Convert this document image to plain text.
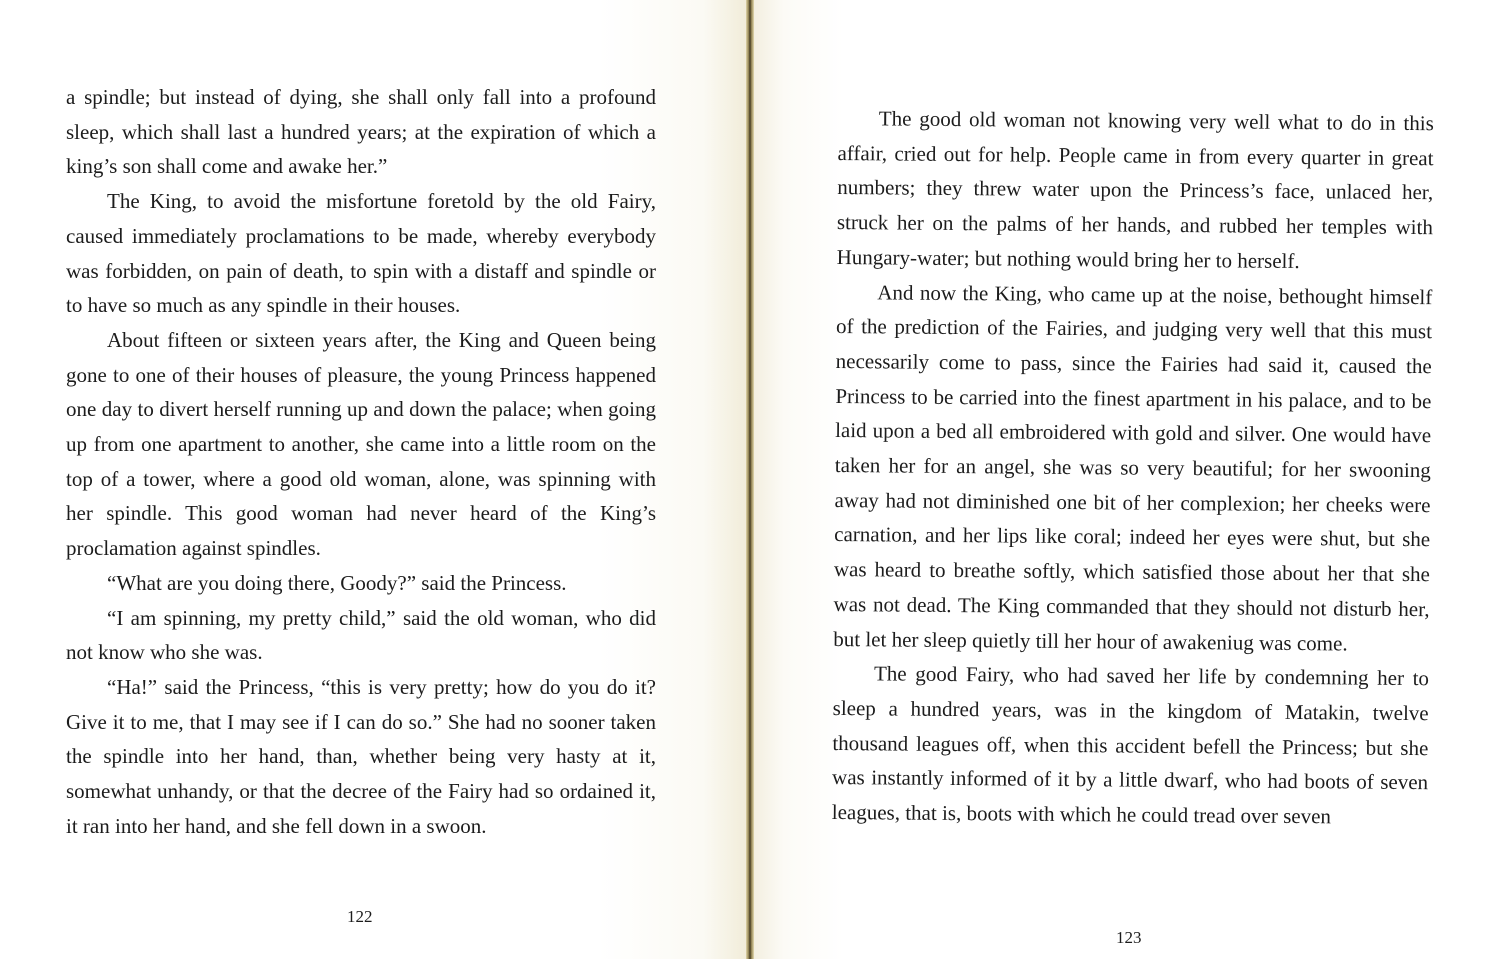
a spindle; but instead of dying, she shall only fall into a profound sleep, which shall last a hundred years; at the expiration of which a king’s son shall come and awake her.”

The King, to avoid the misfortune foretold by the old Fairy, caused immediately proclamations to be made, whereby everybody was forbidden, on pain of death, to spin with a distaff and spindle or to have so much as any spindle in their houses.

About fifteen or sixteen years after, the King and Queen being gone to one of their houses of pleasure, the young Princess happened one day to divert herself running up and down the palace; when going up from one apartment to another, she came into a little room on the top of a tower, where a good old woman, alone, was spinning with her spindle. This good woman had never heard of the King’s proclamation against spindles.

“What are you doing there, Goody?” said the Princess.

“I am spinning, my pretty child,” said the old woman, who did not know who she was.

“Ha!” said the Princess, “this is very pretty; how do you do it? Give it to me, that I may see if I can do so.” She had no sooner taken the spindle into her hand, than, whether being very hasty at it, somewhat unhandy, or that the decree of the Fairy had so ordained it, it ran into her hand, and she fell down in a swoon.

122

The good old woman not knowing very well what to do in this affair, cried out for help. People came in from every quarter in great numbers; they threw water upon the Princess’s face, unlaced her, struck her on the palms of her hands, and rubbed her temples with Hungary-water; but nothing would bring her to herself.

And now the King, who came up at the noise, bethought himself of the prediction of the Fairies, and judging very well that this must necessarily come to pass, since the Fairies had said it, caused the Princess to be carried into the finest apartment in his palace, and to be laid upon a bed all embroidered with gold and silver. One would have taken her for an angel, she was so very beautiful; for her swooning away had not diminished one bit of her complexion; her cheeks were carnation, and her lips like coral; indeed her eyes were shut, but she was heard to breathe softly, which satisfied those about her that she was not dead. The King commanded that they should not disturb her, but let her sleep quietly till her hour of awakeniug was come.

The good Fairy, who had saved her life by condemning her to sleep a hundred years, was in the kingdom of Matakin, twelve thousand leagues off, when this accident befell the Princess; but she was instantly informed of it by a little dwarf, who had boots of seven leagues, that is, boots with which he could tread over seven

123
